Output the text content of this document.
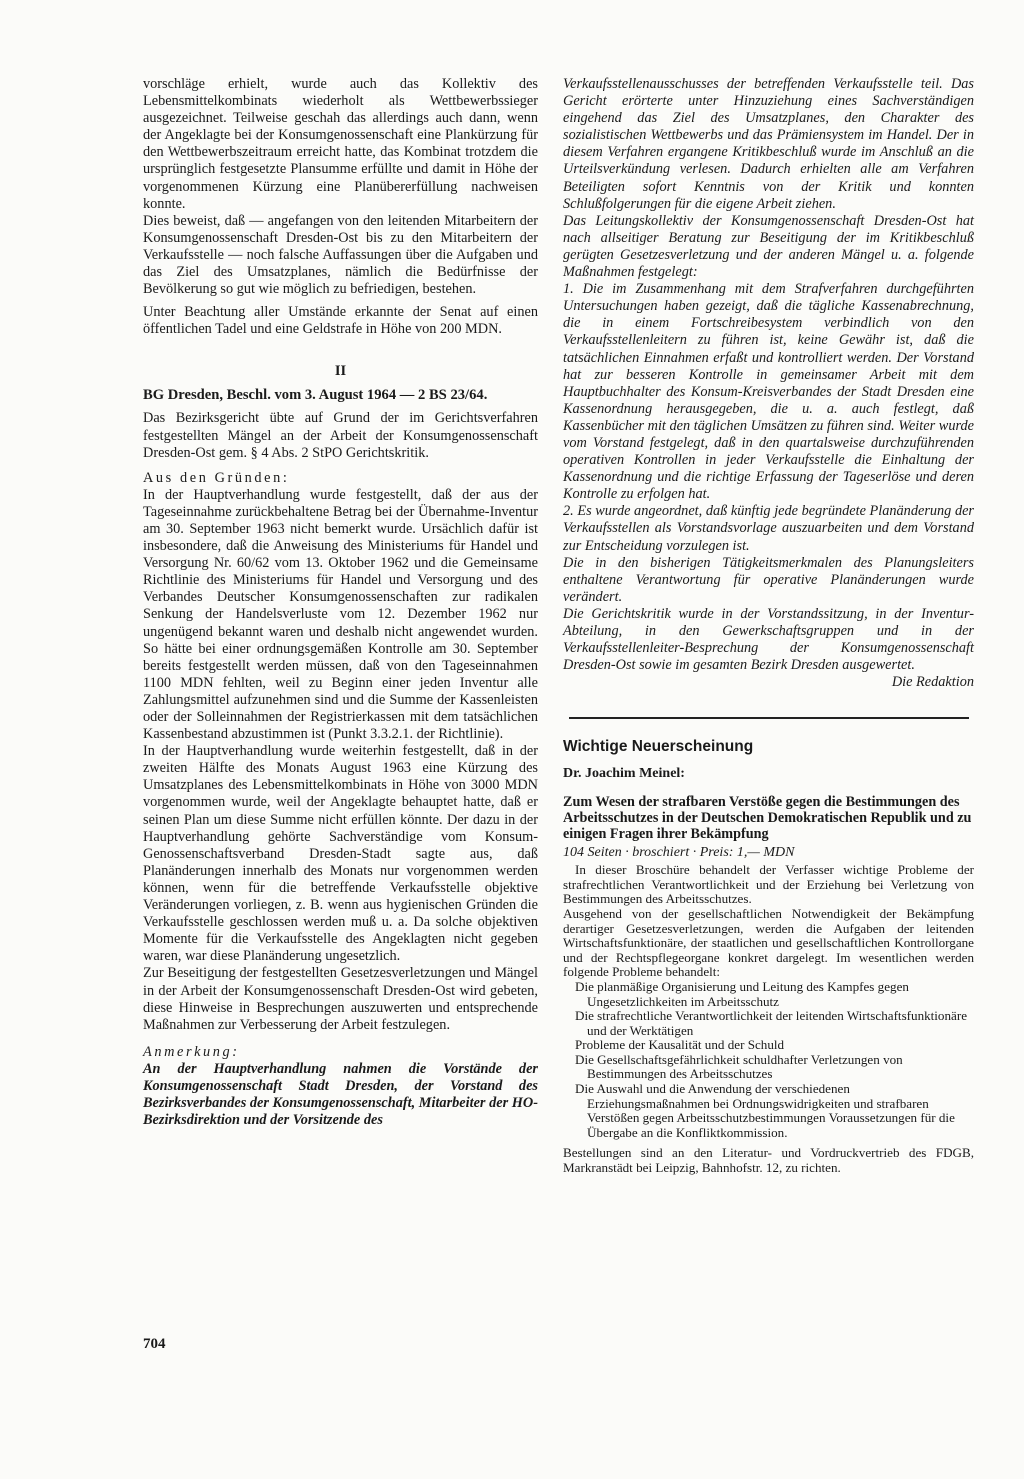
vorschläge erhielt, wurde auch das Kollektiv des Lebensmittelkombinats wiederholt als Wettbewerbssieger ausgezeichnet. Teilweise geschah das allerdings auch dann, wenn der Angeklagte bei der Konsumgenossenschaft eine Plankürzung für den Wettbewerbszeitraum erreicht hatte, das Kombinat trotzdem die ursprünglich festgesetzte Plansumme erfüllte und damit in Höhe der vorgenommenen Kürzung eine Planübererfüllung nachweisen konnte.

Dies beweist, daß — angefangen von den leitenden Mitarbeitern der Konsumgenossenschaft Dresden-Ost bis zu den Mitarbeitern der Verkaufsstelle — noch falsche Auffassungen über die Aufgaben und das Ziel des Umsatzplanes, nämlich die Bedürfnisse der Bevölkerung so gut wie möglich zu befriedigen, bestehen.

Unter Beachtung aller Umstände erkannte der Senat auf einen öffentlichen Tadel und eine Geldstrafe in Höhe von 200 MDN.

II

BG Dresden, Beschl. vom 3. August 1964 — 2 BS 23/64.

Das Bezirksgericht übte auf Grund der im Gerichtsverfahren festgestellten Mängel an der Arbeit der Konsumgenossenschaft Dresden-Ost gem. § 4 Abs. 2 StPO Gerichtskritik.

Aus den Gründen:

In der Hauptverhandlung wurde festgestellt, daß der aus der Tageseinnahme zurückbehaltene Betrag bei der Übernahme-Inventur am 30. September 1963 nicht bemerkt wurde. Ursächlich dafür ist insbesondere, daß die Anweisung des Ministeriums für Handel und Versorgung Nr. 60/62 vom 13. Oktober 1962 und die Gemeinsame Richtlinie des Ministeriums für Handel und Versorgung und des Verbandes Deutscher Konsumgenossenschaften zur radikalen Senkung der Handelsverluste vom 12. Dezember 1962 nur ungenügend bekannt waren und deshalb nicht angewendet wurden. So hätte bei einer ordnungsgemäßen Kontrolle am 30. September bereits festgestellt werden müssen, daß von den Tageseinnahmen 1100 MDN fehlten, weil zu Beginn einer jeden Inventur alle Zahlungsmittel aufzunehmen sind und die Summe der Kassenleisten oder der Solleinnahmen der Registrierkassen mit dem tatsächlichen Kassenbestand abzustimmen ist (Punkt 3.3.2.1. der Richtlinie).

In der Hauptverhandlung wurde weiterhin festgestellt, daß in der zweiten Hälfte des Monats August 1963 eine Kürzung des Umsatzplanes des Lebensmittelkombinats in Höhe von 3000 MDN vorgenommen wurde, weil der Angeklagte behauptet hatte, daß er seinen Plan um diese Summe nicht erfüllen könnte. Der dazu in der Hauptverhandlung gehörte Sachverständige vom Konsum-Genossenschaftsverband Dresden-Stadt sagte aus, daß Planänderungen innerhalb des Monats nur vorgenommen werden können, wenn für die betreffende Verkaufsstelle objektive Veränderungen vorliegen, z. B. wenn aus hygienischen Gründen die Verkaufsstelle geschlossen werden muß u. a. Da solche objektiven Momente für die Verkaufsstelle des Angeklagten nicht gegeben waren, war diese Planänderung ungesetzlich.

Zur Beseitigung der festgestellten Gesetzesverletzungen und Mängel in der Arbeit der Konsumgenossenschaft Dresden-Ost wird gebeten, diese Hinweise in Besprechungen auszuwerten und entsprechende Maßnahmen zur Verbesserung der Arbeit festzulegen.

Anmerkung:

An der Hauptverhandlung nahmen die Vorstände der Konsumgenossenschaft Stadt Dresden, der Vorstand des Bezirksverbandes der Konsumgenossenschaft, Mitarbeiter der HO-Bezirksdirektion und der Vorsitzende des

Verkaufsstellenausschusses der betreffenden Verkaufsstelle teil. Das Gericht erörterte unter Hinzuziehung eines Sachverständigen eingehend das Ziel des Umsatzplanes, den Charakter des sozialistischen Wettbewerbs und das Prämiensystem im Handel. Der in diesem Verfahren ergangene Kritikbeschluß wurde im Anschluß an die Urteilsverkündung verlesen. Dadurch erhielten alle am Verfahren Beteiligten sofort Kenntnis von der Kritik und konnten Schlußfolgerungen für die eigene Arbeit ziehen.

Das Leitungskollektiv der Konsumgenossenschaft Dresden-Ost hat nach allseitiger Beratung zur Beseitigung der im Kritikbeschluß gerügten Gesetzesverletzung und der anderen Mängel u. a. folgende Maßnahmen festgelegt:

1. Die im Zusammenhang mit dem Strafverfahren durchgeführten Untersuchungen haben gezeigt, daß die tägliche Kassenabrechnung, die in einem Fortschreibesystem verbindlich von den Verkaufsstellenleitern zu führen ist, keine Gewähr ist, daß die tatsächlichen Einnahmen erfaßt und kontrolliert werden. Der Vorstand hat zur besseren Kontrolle in gemeinsamer Arbeit mit dem Hauptbuchhalter des Konsum-Kreisverbandes der Stadt Dresden eine Kassenordnung herausgegeben, die u. a. auch festlegt, daß Kassenbücher mit den täglichen Umsätzen zu führen sind. Weiter wurde vom Vorstand festgelegt, daß in den quartalsweise durchzuführenden operativen Kontrollen in jeder Verkaufsstelle die Einhaltung der Kassenordnung und die richtige Erfassung der Tageserlöse und deren Kontrolle zu erfolgen hat.

2. Es wurde angeordnet, daß künftig jede begründete Planänderung der Verkaufsstellen als Vorstandsvorlage auszuarbeiten und dem Vorstand zur Entscheidung vorzulegen ist.

Die in den bisherigen Tätigkeitsmerkmalen des Planungsleiters enthaltene Verantwortung für operative Planänderungen wurde verändert.

Die Gerichtskritik wurde in der Vorstandssitzung, in der Inventur-Abteilung, in den Gewerkschaftsgruppen und in der Verkaufsstellenleiter-Besprechung der Konsumgenossenschaft Dresden-Ost sowie im gesamten Bezirk Dresden ausgewertet.

Die Redaktion

Wichtige Neuerscheinung
Dr. Joachim Meinel:

Zum Wesen der strafbaren Verstöße gegen die Bestimmungen des Arbeitsschutzes in der Deutschen Demokratischen Republik und zu einigen Fragen ihrer Bekämpfung

104 Seiten · broschiert · Preis: 1,— MDN

In dieser Broschüre behandelt der Verfasser wichtige Probleme der strafrechtlichen Verantwortlichkeit und der Erziehung bei Verletzung von Bestimmungen des Arbeitsschutzes.

Ausgehend von der gesellschaftlichen Notwendigkeit der Bekämpfung derartiger Gesetzesverletzungen, werden die Aufgaben der leitenden Wirtschaftsfunktionäre, der staatlichen und gesellschaftlichen Kontrollorgane und der Rechtspflegeorgane konkret dargelegt. Im wesentlichen werden folgende Probleme behandelt:

Die planmäßige Organisierung und Leitung des Kampfes gegen Ungesetzlichkeiten im Arbeitsschutz
Die strafrechtliche Verantwortlichkeit der leitenden Wirtschaftsfunktionäre und der Werktätigen
Probleme der Kausalität und der Schuld
Die Gesellschaftsgefährlichkeit schuldhafter Verletzungen von Bestimmungen des Arbeitsschutzes
Die Auswahl und die Anwendung der verschiedenen Erziehungsmaßnahmen bei Ordnungswidrigkeiten und strafbaren Verstößen gegen Arbeitsschutzbestimmungen Voraussetzungen für die Übergabe an die Konfliktkommission.

Bestellungen sind an den Literatur- und Vordruckvertrieb des FDGB, Markranstädt bei Leipzig, Bahnhofstr. 12, zu richten.

704
